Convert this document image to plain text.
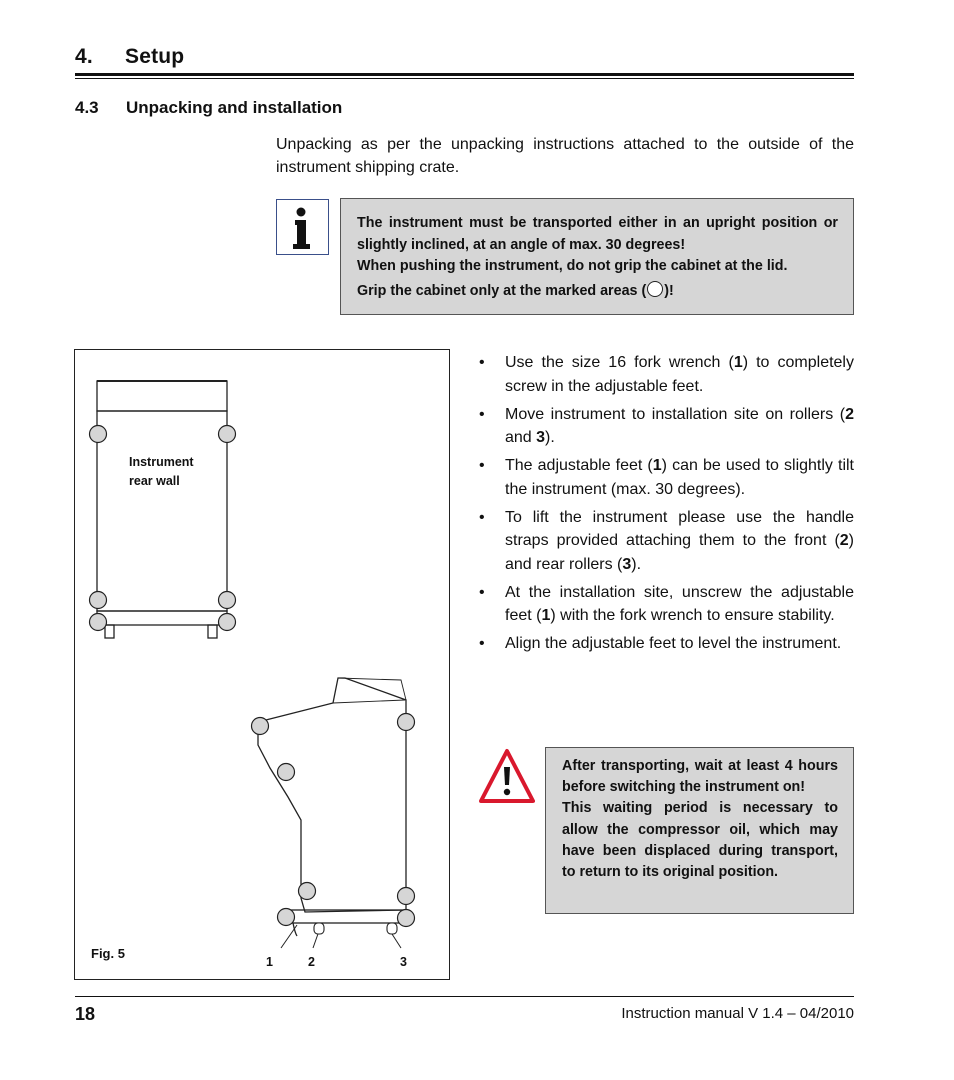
4. Setup
4.3 Unpacking and installation
Unpacking as per the unpacking instructions attached to the outside of the instrument shipping crate.

The instrument must be transported either in an upright position or slightly inclined, at an angle of max. 30 degrees!

When pushing the instrument, do not grip the cabinet at the lid.

Grip the cabinet only at the marked areas ( )!

Instrument
rear wall
Fig. 5
1	2	3
• Use the size 16 fork wrench (1) to completely screw in the adjustable feet.
• Move instrument to installation site on rollers (2 and 3).
• The adjustable feet (1) can be used to slightly tilt the instrument (max. 30 degrees).
• To lift the instrument please use the handle straps provided attaching them to the front (2) and rear rollers (3).
• At the installation site, unscrew the adjustable feet (1) with the fork wrench to ensure stability.
• Align the adjustable feet to level the instrument.

After transporting, wait at least 4 hours before switching the instrument on!

This waiting period is necessary to allow the compressor oil, which may have been displaced during transport, to return to its original position.

18	Instruction manual V 1.4 – 04/2010
